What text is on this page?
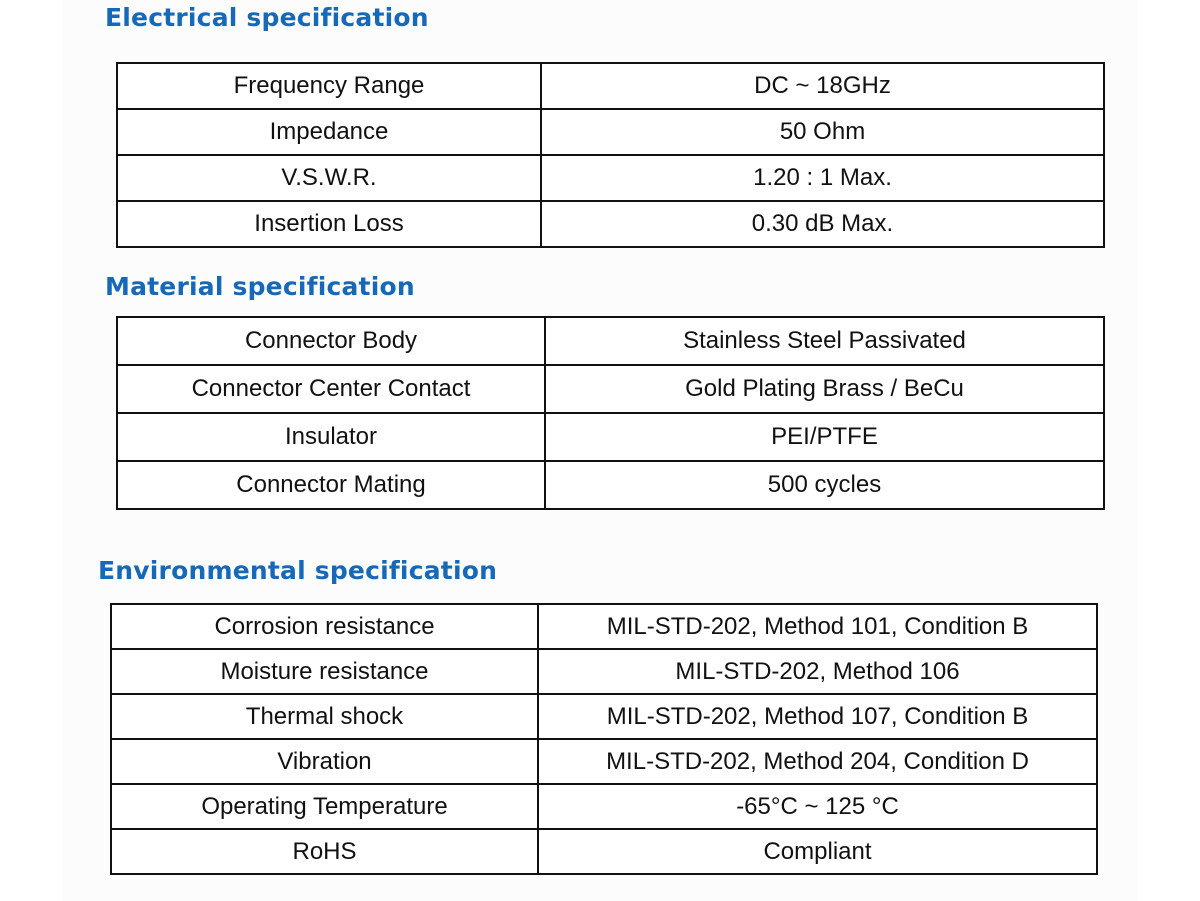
Electrical specification
Frequency Range	DC ~ 18GHz
Impedance	50 Ohm
V.S.W.R.	1.20 : 1 Max.
Insertion Loss	0.30 dB Max.
Material specification
Connector Body	Stainless Steel Passivated
Connector Center Contact	Gold Plating Brass / BeCu
Insulator	PEI/PTFE
Connector Mating	500 cycles
Environmental specification
Corrosion resistance	MIL-STD-202, Method 101, Condition B
Moisture resistance	MIL-STD-202, Method 106
Thermal shock	MIL-STD-202, Method 107, Condition B
Vibration	MIL-STD-202, Method 204, Condition D
Operating Temperature	-65°C ~ 125 °C
RoHS	Compliant
